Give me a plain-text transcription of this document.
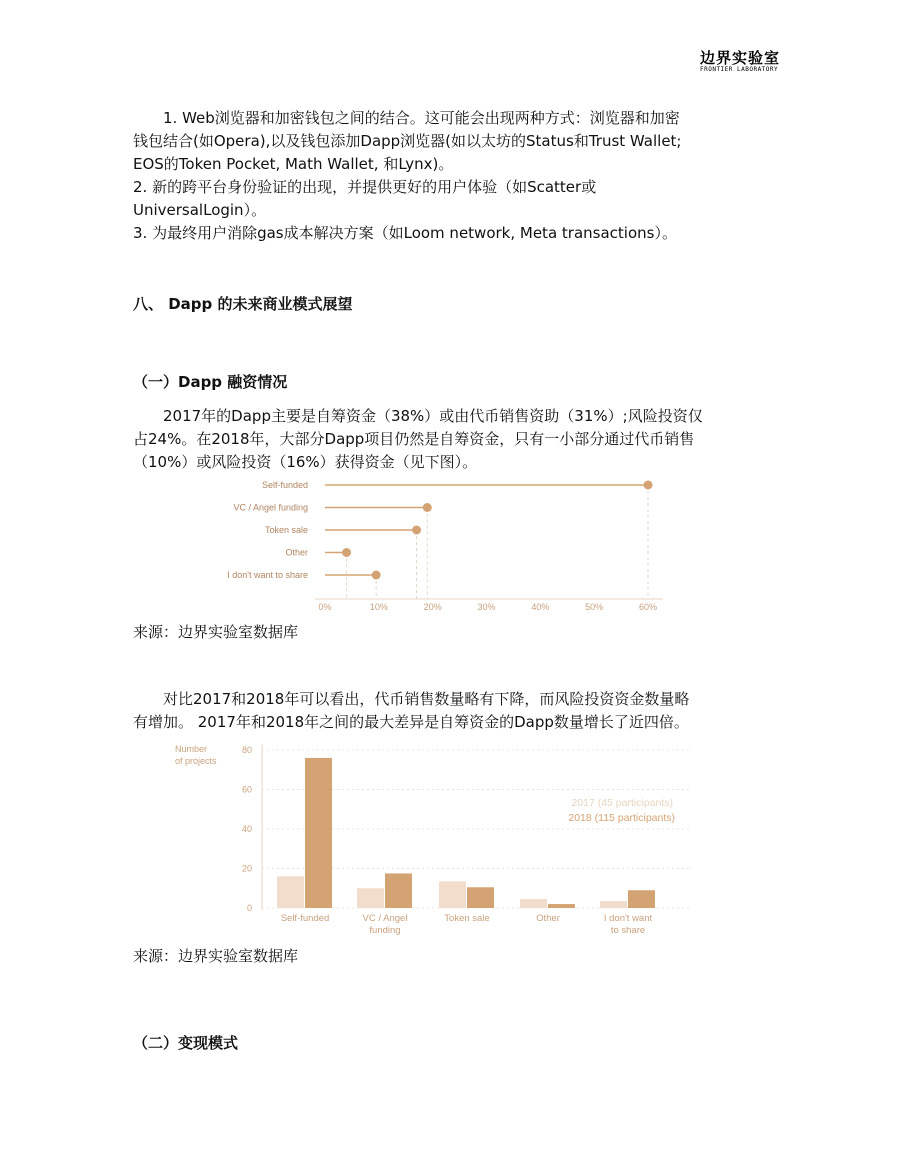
边界实验室
FRONTIER LABORATORY
1. Web浏览器和加密钱包之间的结合。这可能会出现两种方式：浏览器和加密
钱包结合(如Opera),以及钱包添加Dapp浏览器(如以太坊的Status和Trust Wallet;
EOS的Token Pocket, Math Wallet, 和Lynx)。
2. 新的跨平台身份验证的出现，并提供更好的用户体验（如Scatter或
UniversalLogin）。
3. 为最终用户消除gas成本解决方案（如Loom network, Meta transactions）。
八、 Dapp 的未来商业模式展望
（一）Dapp 融资情况
　　2017年的Dapp主要是自筹资金（38%）或由代币销售资助（31%）;风险投资仅
占24%。在2018年，大部分Dapp项目仍然是自筹资金，只有一小部分通过代币销售
（10%）或风险投资（16%）获得资金（见下图）。
0%	10%	20%	30%	40%	50%	60%
Self-funded
VC / Angel funding
Token sale
Other
I don't want to share
来源：边界实验室数据库
　　对比2017和2018年可以看出，代币销售数量略有下降，而风险投资资金数量略
有增加。 2017年和2018年之间的最大差异是自筹资金的Dapp数量增长了近四倍。
Number
of projects
0
20
40
60
80
Self-funded	VC / Angel
funding
Token sale	Other	I don't want
to share
2017 (45 participants)
2018 (115 participants)
来源：边界实验室数据库
（二）变现模式
